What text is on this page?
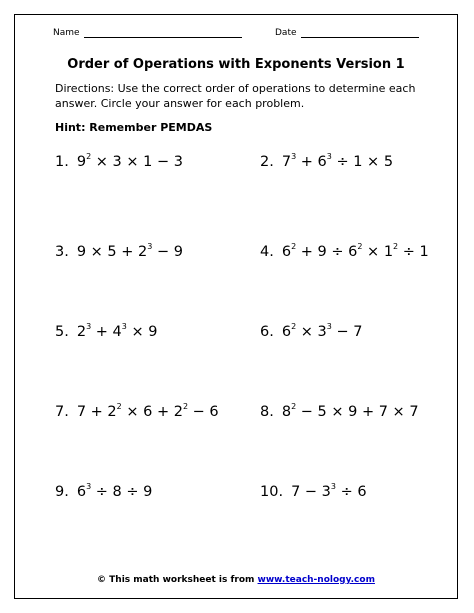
Name	Date
Order of Operations with Exponents Version 1
Directions: Use the correct order of operations to determine each answer. Circle your answer for each problem.
Hint: Remember PEMDAS
1. $9^2 \times 3 \times 1 - 3$	2. $7^3 + 6^3 \div 1 \times 5$
3. $9 \times 5 + 2^3 - 9$	4. $6^2 + 9 \div 6^2 \times 1^2 \div 1$
5. $2^3 + 4^3 \times 9$	6. $6^2 \times 3^3 - 7$
7. $7 + 2^2 \times 6 + 2^2 - 6$	8. $8^2 - 5 \times 9 + 7 \times 7$
9. $6^3 \div 8 \div 9$	10. $7 - 3^3 \div 6$
© This math worksheet is from www.teach-nology.com
